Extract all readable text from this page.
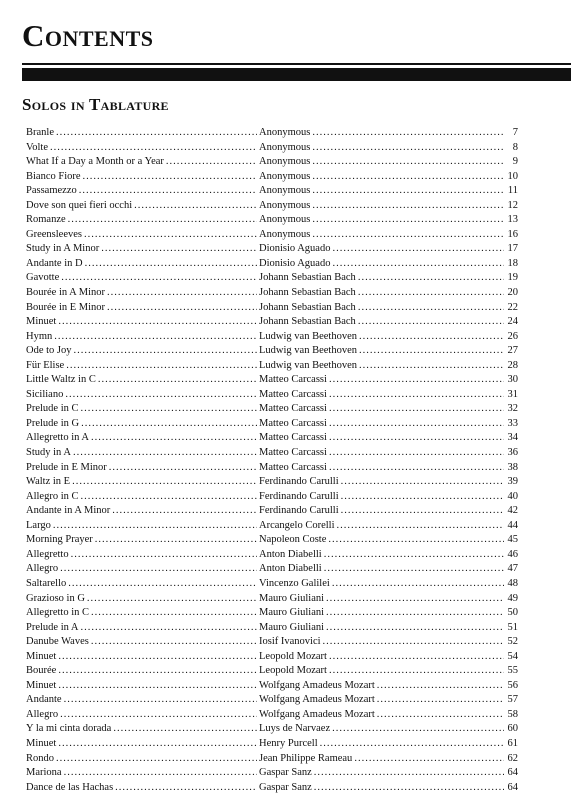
Contents
Solos in Tablature
Branle .....	Anonymous .....	7
Volte .....	Anonymous .....	8
What If a Day a Month or a Year .....	Anonymous .....	9
Bianco Fiore .....	Anonymous .....	10
Passamezzo .....	Anonymous .....	11
Dove son quei fieri occhi .....	Anonymous .....	12
Romanze .....	Anonymous .....	13
Greensleeves .....	Anonymous .....	16
Study in A Minor .....	Dionisio Aguado .....	17
Andante in D .....	Dionisio Aguado .....	18
Gavotte .....	Johann Sebastian Bach .....	19
Bourée in A Minor .....	Johann Sebastian Bach .....	20
Bourée in E Minor .....	Johann Sebastian Bach .....	22
Minuet .....	Johann Sebastian Bach .....	24
Hymn .....	Ludwig van Beethoven .....	26
Ode to Joy .....	Ludwig van Beethoven .....	27
Für Elise .....	Ludwig van Beethoven .....	28
Little Waltz in C .....	Matteo Carcassi .....	30
Siciliano .....	Matteo Carcassi .....	31
Prelude in C .....	Matteo Carcassi .....	32
Prelude in G .....	Matteo Carcassi .....	33
Allegretto in A .....	Matteo Carcassi .....	34
Study in A .....	Matteo Carcassi .....	36
Prelude in E Minor .....	Matteo Carcassi .....	38
Waltz in E .....	Ferdinando Carulli .....	39
Allegro in C .....	Ferdinando Carulli .....	40
Andante in A Minor .....	Ferdinando Carulli .....	42
Largo .....	Arcangelo Corelli .....	44
Morning Prayer .....	Napoleon Coste .....	45
Allegretto .....	Anton Diabelli .....	46
Allegro .....	Anton Diabelli .....	47
Saltarello .....	Vincenzo Galilei .....	48
Grazioso in G .....	Mauro Giuliani .....	49
Allegretto in C .....	Mauro Giuliani .....	50
Prelude in A .....	Mauro Giuliani .....	51
Danube Waves .....	Iosif Ivanovici .....	52
Minuet .....	Leopold Mozart .....	54
Bourée .....	Leopold Mozart .....	55
Minuet .....	Wolfgang Amadeus Mozart .....	56
Andante .....	Wolfgang Amadeus Mozart .....	57
Allegro .....	Wolfgang Amadeus Mozart .....	58
Y la mi cinta dorada .....	Luys de Narvaez .....	60
Minuet .....	Henry Purcell .....	61
Rondo .....	Jean Philippe Rameau .....	62
Mariona .....	Gaspar Sanz .....	64
Dance de las Hachas .....	Gaspar Sanz .....	64
